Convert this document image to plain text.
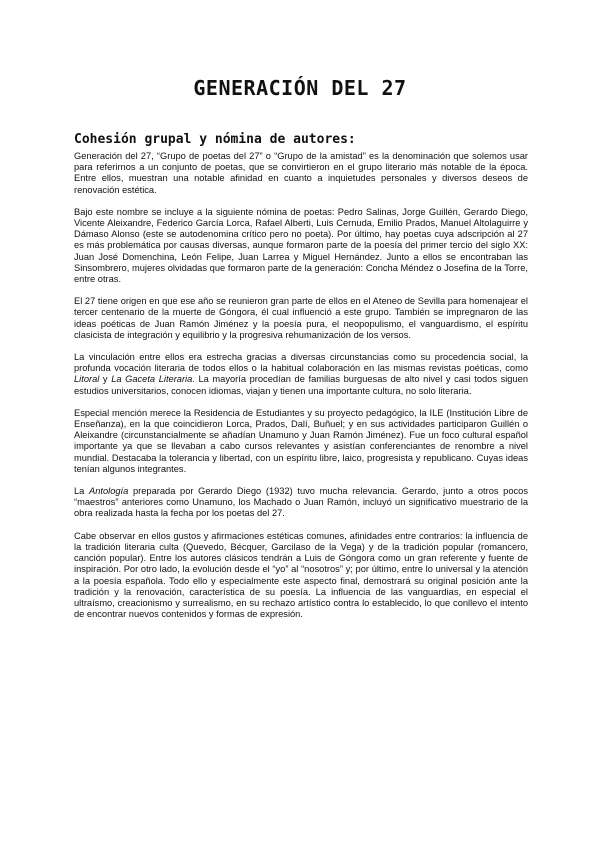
GENERACIÓN DEL 27
Cohesión grupal y nómina de autores:

Generación del 27, “Grupo de poetas del 27” o “Grupo de la amistad” es la denominación que solemos usar para referirnos a un conjunto de poetas, que se convirtieron en el grupo literario más notable de la época. Entre ellos, muestran una notable afinidad en cuanto a inquietudes personales y diversos deseos de renovación estética.

Bajo este nombre se incluye a la siguiente nómina de poetas: Pedro Salinas, Jorge Guillén, Gerardo Diego, Vicente Aleixandre, Federico García Lorca, Rafael Alberti, Luis Cernuda, Emilio Prados, Manuel Altolaguirre y Dámaso Alonso (este se autodenomina crítico pero no poeta). Por último, hay poetas cuya adscripción al 27 es más problemática por causas diversas, aunque formaron parte de la poesía del primer tercio del siglo XX: Juan José Domenchina, León Felipe, Juan Larrea y Miguel Hernández. Junto a ellos se encontraban las Sinsombrero, mujeres olvidadas que formaron parte de la generación: Concha Méndez o Josefina de la Torre, entre otras.

El 27 tiene origen en que ese año se reunieron gran parte de ellos en el Ateneo de Sevilla para homenajear el tercer centenario de la muerte de Góngora, él cual influenció a este grupo. También se impregnaron de las ideas poéticas de Juan Ramón Jiménez y la poesía pura, el neopopulismo, el vanguardismo, el espíritu clasicista de integración y equilibrio y la progresiva rehumanización de los versos.

La vinculación entre ellos era estrecha gracias a diversas circunstancias como su procedencia social, la profunda vocación literaria de todos ellos o la habitual colaboración en las mismas revistas poéticas, como Litoral y La Gaceta Literaria. La mayoría procedían de familias burguesas de alto nivel y casi todos siguen estudios universitarios, conocen idiomas, viajan y tienen una importante cultura, no solo literaria.

Especial mención merece la Residencia de Estudiantes y su proyecto pedagógico, la ILE (Institución Libre de Enseñanza), en la que coincidieron Lorca, Prados, Dalí, Buñuel; y en sus actividades participaron Guillén o Aleixandre (circunstancialmente se añadían Unamuno y Juan Ramón Jiménez). Fue un foco cultural español importante ya que se llevaban a cabo cursos relevantes y asistían conferenciantes de renombre a nivel mundial. Destacaba la tolerancia y libertad, con un espíritu libre, laico, progresista y republicano. Cuyas ideas tenían algunos integrantes.

La Antología preparada por Gerardo Diego (1932) tuvo mucha relevancia. Gerardo, junto a otros pocos “maestros” anteriores como Unamuno, los Machado o Juan Ramón, incluyó un significativo muestrario de la obra realizada hasta la fecha por los poetas del 27.

Cabe observar en ellos gustos y afirmaciones estéticas comunes, afinidades entre contrarios: la influencia de la tradición literaria culta (Quevedo, Bécquer, Garcilaso de la Vega) y de la tradición popular (romancero, canción popular). Entre los autores clásicos tendrán a Luis de Góngora como un gran referente y fuente de inspiración. Por otro lado, la evolución desde el “yo” al “nosotros” y; por último, entre lo universal y la atención a la poesía española. Todo ello y especialmente este aspecto final, demostrará su original posición ante la tradición y la renovación, característica de su poesía. La influencia de las vanguardias, en especial el ultraísmo, creacionismo y surrealismo, en su rechazo artístico contra lo establecido, lo que conllevo el intento de encontrar nuevos contenidos y formas de expresión.
